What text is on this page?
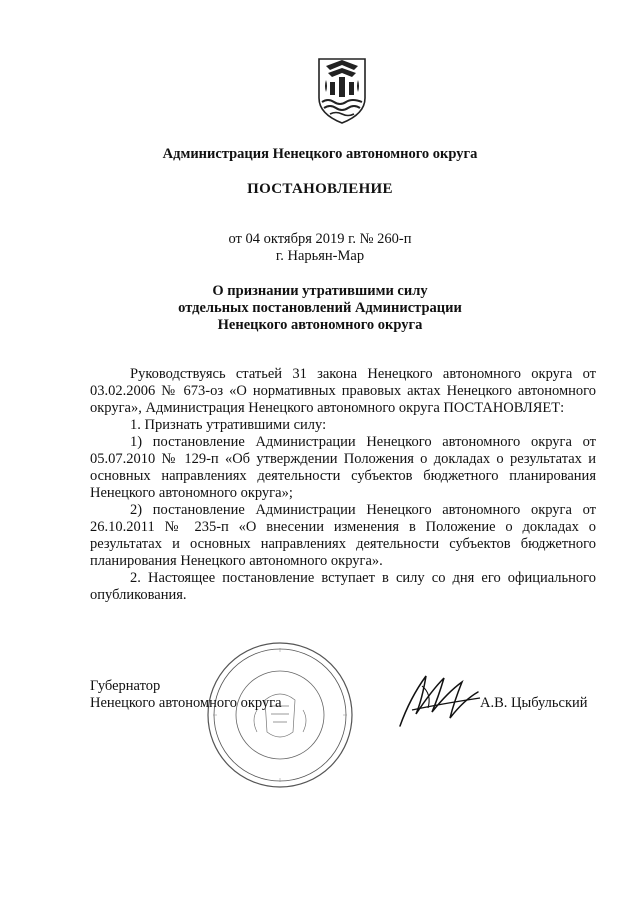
Администрация Ненецкого автономного округа
ПОСТАНОВЛЕНИЕ
от 04 октября 2019 г. № 260-п
г. Нарьян-Мар
О признании утратившими силу
отдельных постановлений Администрации
Ненецкого автономного округа

Руководствуясь статьей 31 закона Ненецкого автономного округа от 03.02.2006 № 673-оз «О нормативных правовых актах Ненецкого автономного округа», Администрация Ненецкого автономного округа ПОСТАНОВЛЯЕТ:

1. Признать утратившими силу:

1) постановление Администрации Ненецкого автономного округа от 05.07.2010 № 129-п «Об утверждении Положения о докладах о результатах и основных направлениях деятельности субъектов бюджетного планирования Ненецкого автономного округа»;

2) постановление Администрации Ненецкого автономного округа от 26.10.2011 № 235-п «О внесении изменения в Положение о докладах о результатах и основных направлениях деятельности субъектов бюджетного планирования Ненецкого автономного округа».

2. Настоящее постановление вступает в силу со дня его официального опубликования.

Губернатор
Ненецкого автономного округа	А.В. Цыбульский
